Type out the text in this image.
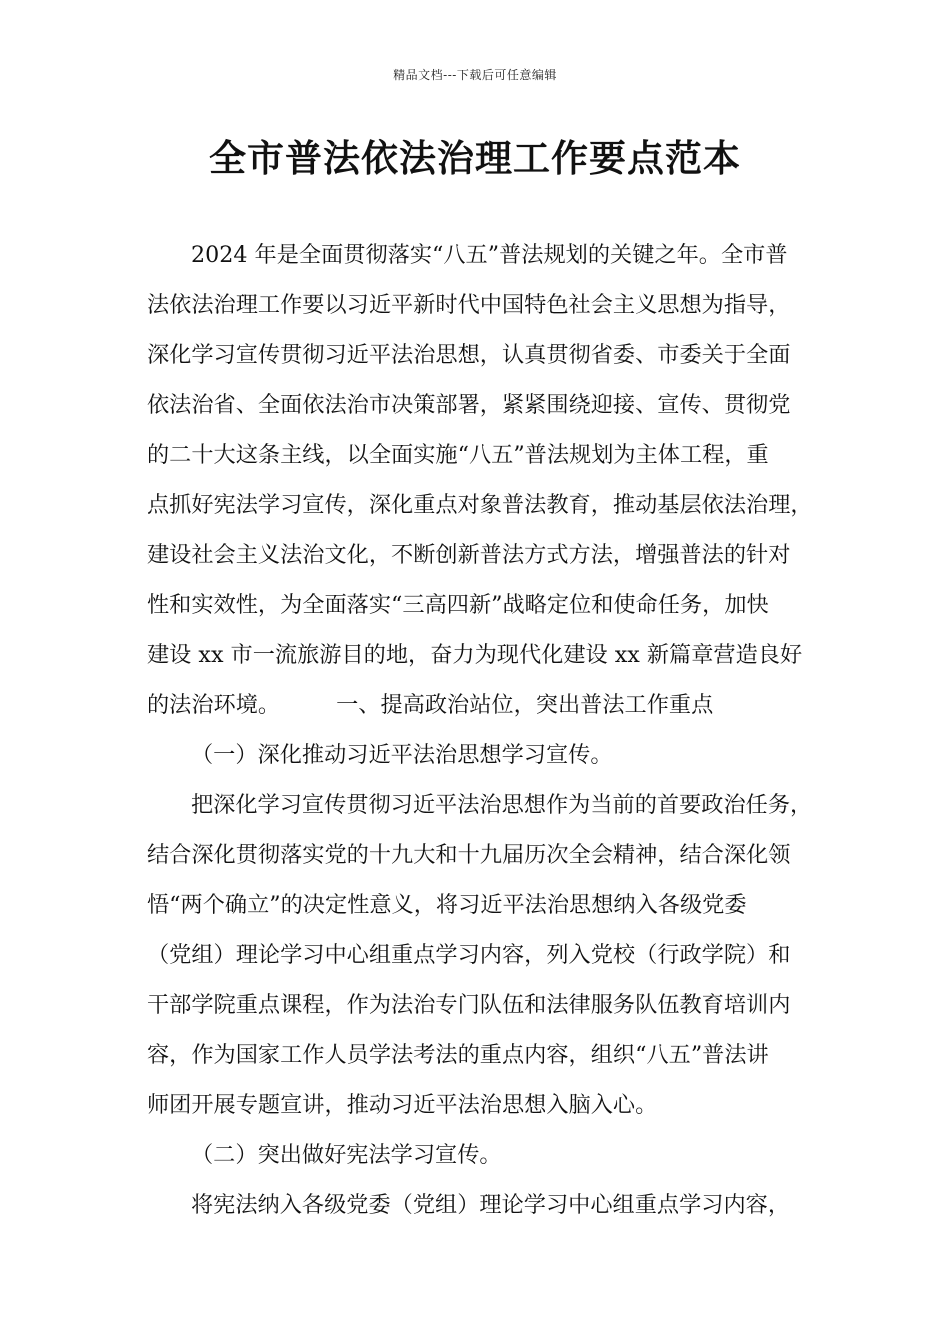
精品文档---下载后可任意编辑
全市普法依法治理工作要点范本
2024 年是全面贯彻落实“八五”普法规划的关键之年。全市普
法依法治理工作要以习近平新时代中国特色社会主义思想为指导，
深化学习宣传贯彻习近平法治思想，认真贯彻省委、市委关于全面
依法治省、全面依法治市决策部署，紧紧围绕迎接、宣传、贯彻党
的二十大这条主线，以全面实施“八五”普法规划为主体工程，重
点抓好宪法学习宣传，深化重点对象普法教育，推动基层依法治理，
建设社会主义法治文化，不断创新普法方式方法，增强普法的针对
性和实效性，为全面落实“三高四新”战略定位和使命任务，加快
建设 xx 市一流旅游目的地，奋力为现代化建设 xx 新篇章营造良好
的法治环境。	一、提高政治站位，突出普法工作重点
（一）深化推动习近平法治思想学习宣传。
把深化学习宣传贯彻习近平法治思想作为当前的首要政治任务，
结合深化贯彻落实党的十九大和十九届历次全会精神，结合深化领
悟“两个确立”的决定性意义，将习近平法治思想纳入各级党委
（党组）理论学习中心组重点学习内容，列入党校（行政学院）和
干部学院重点课程，作为法治专门队伍和法律服务队伍教育培训内
容，作为国家工作人员学法考法的重点内容，组织“八五”普法讲
师团开展专题宣讲，推动习近平法治思想入脑入心。
（二）突出做好宪法学习宣传。
将宪法纳入各级党委（党组）理论学习中心组重点学习内容，
